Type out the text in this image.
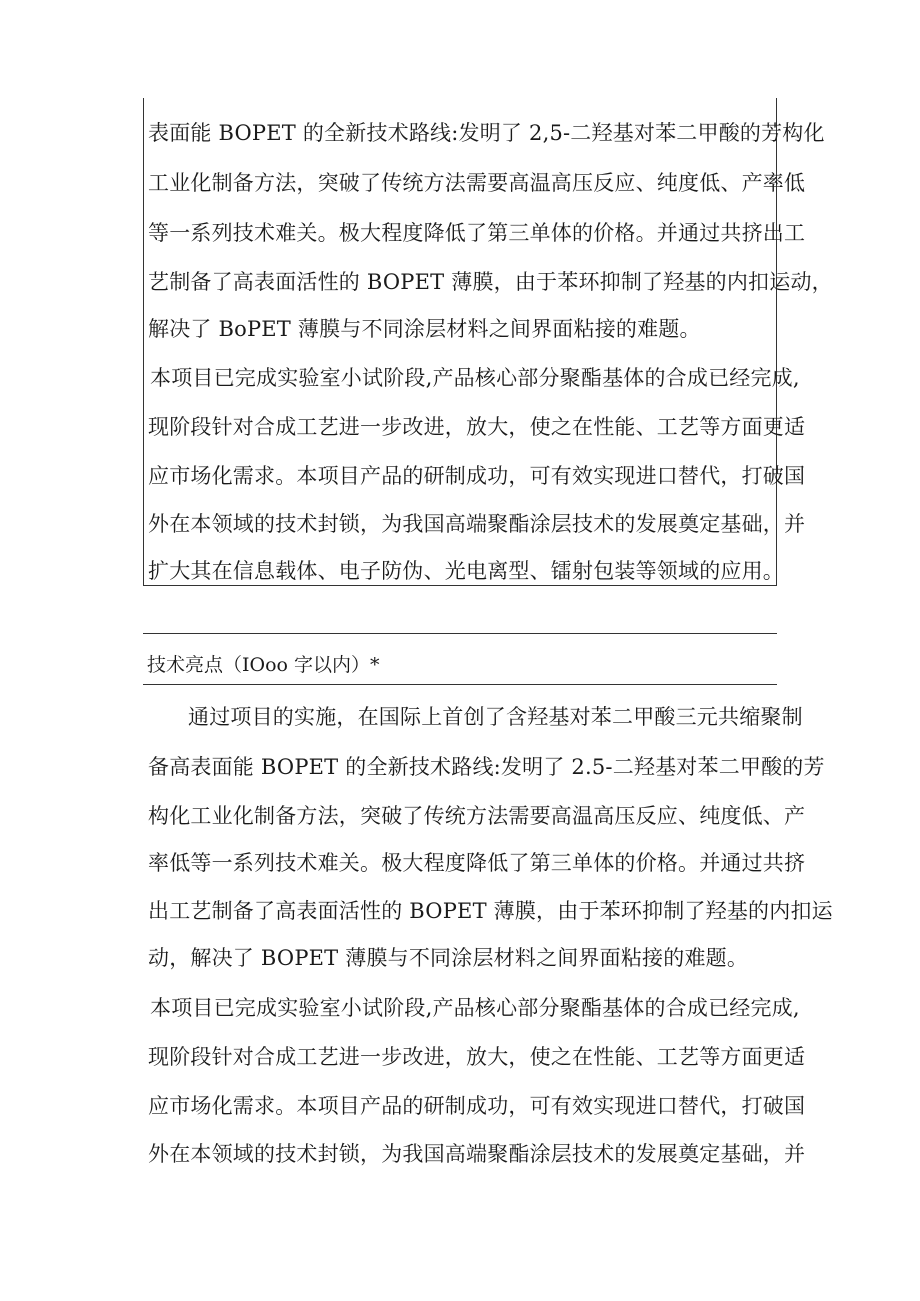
表面能 BOPET 的全新技术路线:发明了 2,5-二羟基对苯二甲酸的芳构化
工业化制备方法，突破了传统方法需要高温高压反应、纯度低、产率低
等一系列技术难关。极大程度降低了第三单体的价格。并通过共挤出工
艺制备了高表面活性的 BOPET 薄膜，由于苯环抑制了羟基的内扣运动，
解决了 BoPET 薄膜与不同涂层材料之间界面粘接的难题。
本项目已完成实验室小试阶段,产品核心部分聚酯基体的合成已经完成,
现阶段针对合成工艺进一步改进，放大，使之在性能、工艺等方面更适
应市场化需求。本项目产品的研制成功，可有效实现进口替代，打破国
外在本领域的技术封锁，为我国高端聚酯涂层技术的发展奠定基础，并
扩大其在信息载体、电子防伪、光电离型、镭射包装等领域的应用。
技术亮点（IOoo 字以内）*
通过项目的实施，在国际上首创了含羟基对苯二甲酸三元共缩聚制
备高表面能 BOPET 的全新技术路线:发明了 2.5-二羟基对苯二甲酸的芳
构化工业化制备方法，突破了传统方法需要高温高压反应、纯度低、产
率低等一系列技术难关。极大程度降低了第三单体的价格。并通过共挤
出工艺制备了高表面活性的 BOPET 薄膜，由于苯环抑制了羟基的内扣运
动，解决了 BOPET 薄膜与不同涂层材料之间界面粘接的难题。
本项目已完成实验室小试阶段,产品核心部分聚酯基体的合成已经完成,
现阶段针对合成工艺进一步改进，放大，使之在性能、工艺等方面更适
应市场化需求。本项目产品的研制成功，可有效实现进口替代，打破国
外在本领域的技术封锁，为我国高端聚酯涂层技术的发展奠定基础，并
